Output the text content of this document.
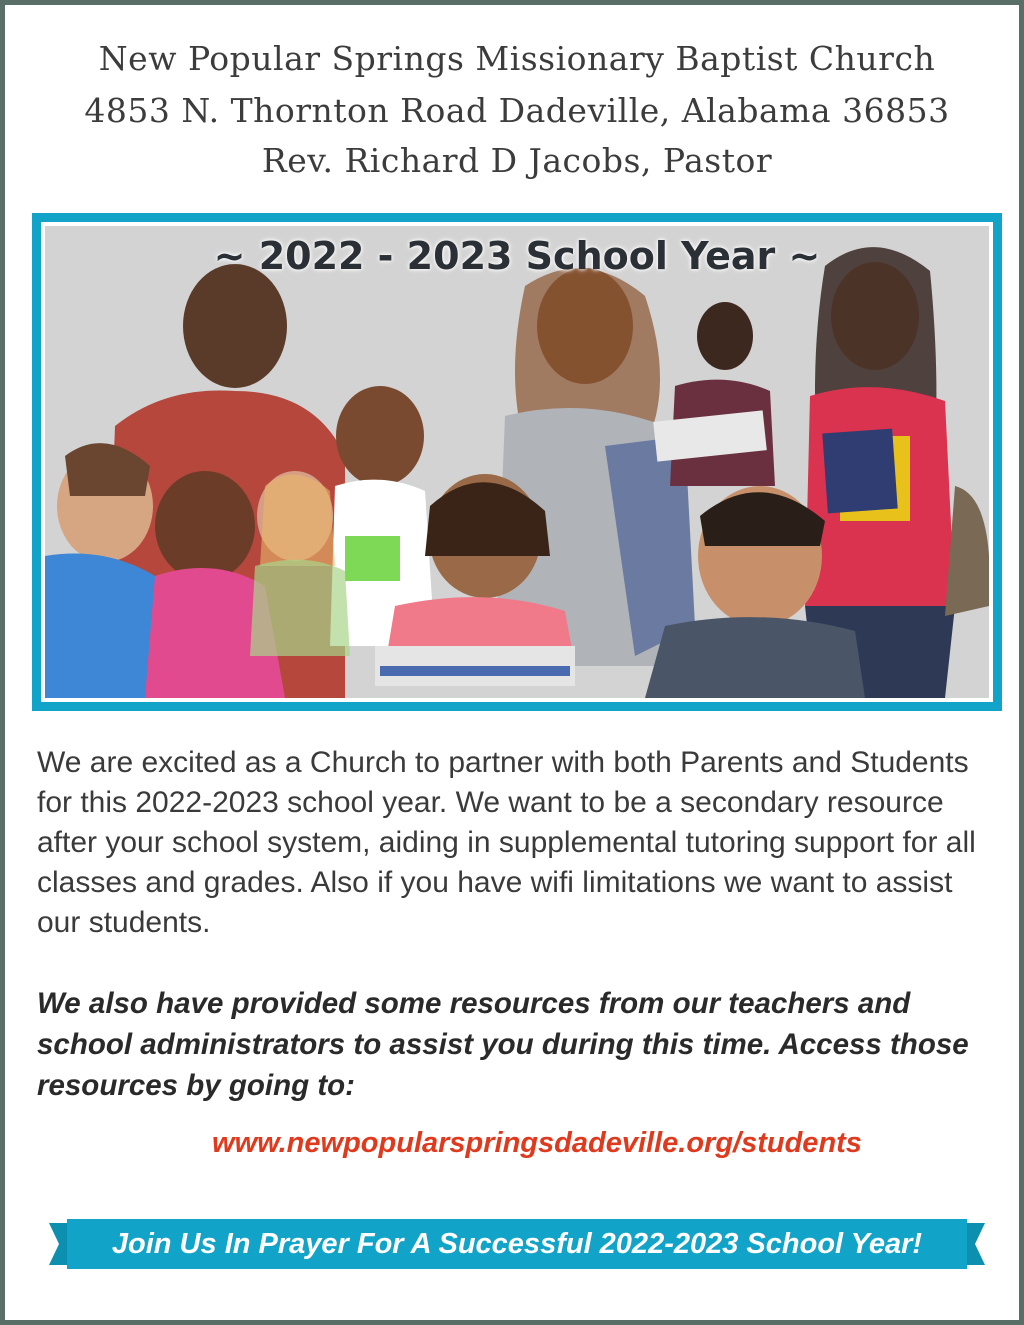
New Popular Springs Missionary Baptist Church
4853 N. Thornton Road Dadeville, Alabama 36853
Rev. Richard D Jacobs, Pastor
~ 2022 - 2023 School Year ~
We are excited as a Church to partner with both Parents and Students for this 2022-2023 school year. We want to be a secondary resource after your school system, aiding in supplemental tutoring support for all classes and grades. Also if you have wifi limitations we want to assist our students.
We also have provided some resources from our teachers and school administrators to assist you during this time. Access those resources by going to:
www.newpopularspringsdadeville.org/students
Join Us In Prayer For A Successful 2022-2023 School Year!
